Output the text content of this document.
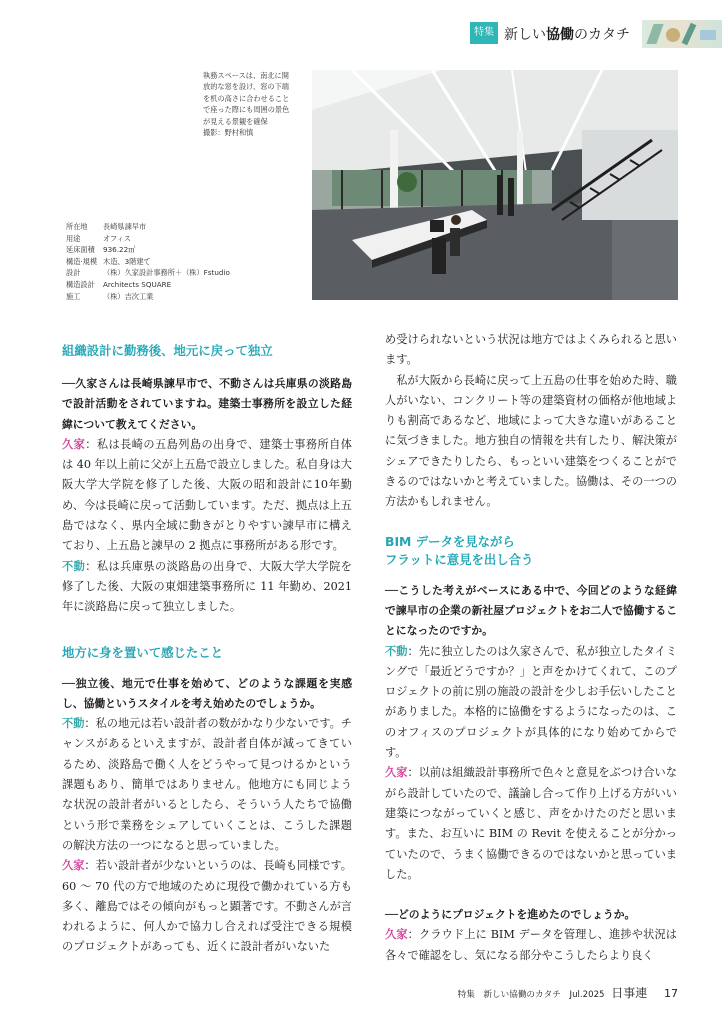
特集 新しい協働のカタチ
執務スペースは、南北に開
放的な窓を設け、窓の下端
を机の高さに合わせること
で座った際にも周囲の景色
が見える景観を確保
撮影：野村和慎
所在地 長崎県諫早市
用途	オフィス
延床面積 936.22㎡
構造·規模 木造、3階建て
設計	（株）久家設計事務所＋（株）Fstudio
構造設計 Architects SQUARE
施工	（株）吉次工業

組織設計に勤務後、地元に戻って独立

──久家さんは長崎県諫早市で、不動さんは兵庫県の淡路島で設計活動をされていますね。建築士事務所を設立した経緯について教えてください。

久家：私は長崎の五島列島の出身で、建築士事務所自体は 40 年以上前に父が上五島で設立しました。私自身は大阪大学大学院を修了した後、大阪の昭和設計に10年勤め、今は長崎に戻って活動しています。ただ、拠点は上五島ではなく、県内全域に動きがとりやすい諫早市に構えており、上五島と諫早の 2 拠点に事務所がある形です。

不動：私は兵庫県の淡路島の出身で、大阪大学大学院を修了した後、大阪の東畑建築事務所に 11 年勤め、2021 年に淡路島に戻って独立しました。

地方に身を置いて感じたこと

──独立後、地元で仕事を始めて、どのような課題を実感し、協働というスタイルを考え始めたのでしょうか。

不動：私の地元は若い設計者の数がかなり少ないです。チャンスがあるといえますが、設計者自体が減ってきているため、淡路島で働く人をどうやって見つけるかという課題もあり、簡単ではありません。他地方にも同じような状況の設計者がいるとしたら、そういう人たちで協働という形で業務をシェアしていくことは、こうした課題の解決方法の一つになると思っていました。

久家：若い設計者が少ないというのは、長崎も同様です。60 ～ 70 代の方で地域のために現役で働かれている方も多く、離島ではその傾向がもっと顕著です。不動さんが言われるように、何人かで協力し合えれば受注できる規模のプロジェクトがあっても、近くに設計者がいないた

め受けられないという状況は地方ではよくみられると思います。

私が大阪から長崎に戻って上五島の仕事を始めた時、職人がいない、コンクリート等の建築資材の価格が他地域よりも割高であるなど、地域によって大きな違いがあることに気づきました。地方独自の情報を共有したり、解決策がシェアできたりしたら、もっといい建築をつくることができるのではないかと考えていました。協働は、その一つの方法かもしれません。

BIM データを見ながら
フラットに意見を出し合う

──こうした考えがベースにある中で、今回どのような経緯で諫早市の企業の新社屋プロジェクトをお二人で協働することになったのですか。

不動：先に独立したのは久家さんで、私が独立したタイミングで「最近どうですか？」と声をかけてくれて、このプロジェクトの前に別の施設の設計を少しお手伝いしたことがありました。本格的に協働をするようになったのは、このオフィスのプロジェクトが具体的になり始めてからです。

久家：以前は組織設計事務所で色々と意見をぶつけ合いながら設計していたので、議論し合って作り上げる方がいい建築につながっていくと感じ、声をかけたのだと思います。また、お互いに BIM の Revit を使えることが分かっていたので、うまく協働できるのではないかと思っていました。

──どのようにプロジェクトを進めたのでしょうか。

久家：クラウド上に BIM データを管理し、進捗や状況は各々で確認をし、気になる部分やこうしたらより良く

特集　新しい協働のカタチ Jul.2025 日事連 17
